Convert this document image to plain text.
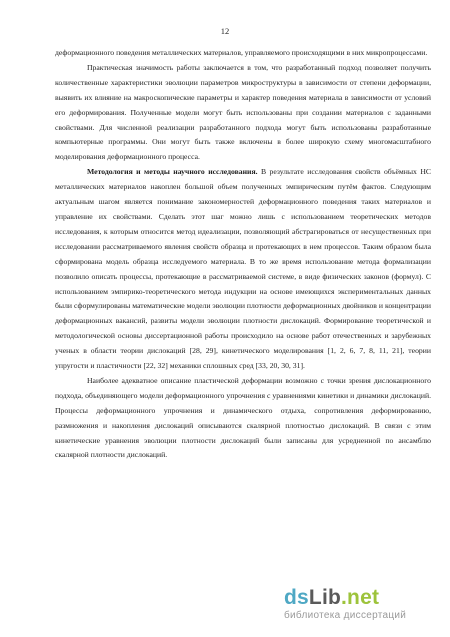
12

деформационного поведения металлических материалов, управляемого происходящими в них микропроцессами.

Практическая значимость работы заключается в том, что разработанный подход позволяет получить количественные характеристики эволюции параметров микроструктуры в зависимости от степени деформации, выявить их влияние на макроскопические параметры и характер поведения материала в зависимости от условий его деформирования. Полученные модели могут быть использованы при создании материалов с заданными свойствами. Для численной реализации разработанного подхода могут быть использованы разработанные компьютерные программы. Они могут быть также включены в более широкую схему многомасштабного моделирования деформационного процесса.

Методология и методы научного исследования. В результате исследования свойств объёмных НС металлических материалов накоплен большой объем полученных эмпирическим путём фактов. Следующим актуальным шагом является понимание закономерностей деформационного поведения таких материалов и управление их свойствами. Сделать этот шаг можно лишь с использованием теоретических методов исследования, к которым относится метод идеализации, позволяющий абстрагироваться от несущественных при исследовании рассматриваемого явления свойств образца и протекающих в нем процессов. Таким образом была сформирована модель образца исследуемого материала. В то же время использование метода формализации позволило описать процессы, протекающие в рассматриваемой системе, в виде физических законов (формул). С использованием эмпирико-теоретического метода индукции на основе имеющихся экспериментальных данных были сформулированы математические модели эволюции плотности деформационных двойников и концентрации деформационных вакансий, развиты модели эволюции плотности дислокаций. Формирование теоретической и методологической основы диссертационной работы происходило на основе работ отечественных и зарубежных ученых в области теории дислокаций [28, 29], кинетического моделирования [1, 2, 6, 7, 8, 11, 21], теории упругости и пластичности [22, 32] механики сплошных сред [33, 20, 30, 31].

Наиболее адекватное описание пластической деформации возможно с точки зрения дислокационного подхода, объединяющего модели деформационного упрочнения с уравнениями кинетики и динамики дислокаций. Процессы деформационного упрочнения и динамического отдыха, сопротивления деформированию, размножения и накопления дислокаций описываются скалярной плотностью дислокаций. В связи с этим кинетические уравнения эволюции плотности дислокаций были записаны для усредненной по ансамблю скалярной плотности дислокаций.

dsLib.net
библиотека диссертаций
